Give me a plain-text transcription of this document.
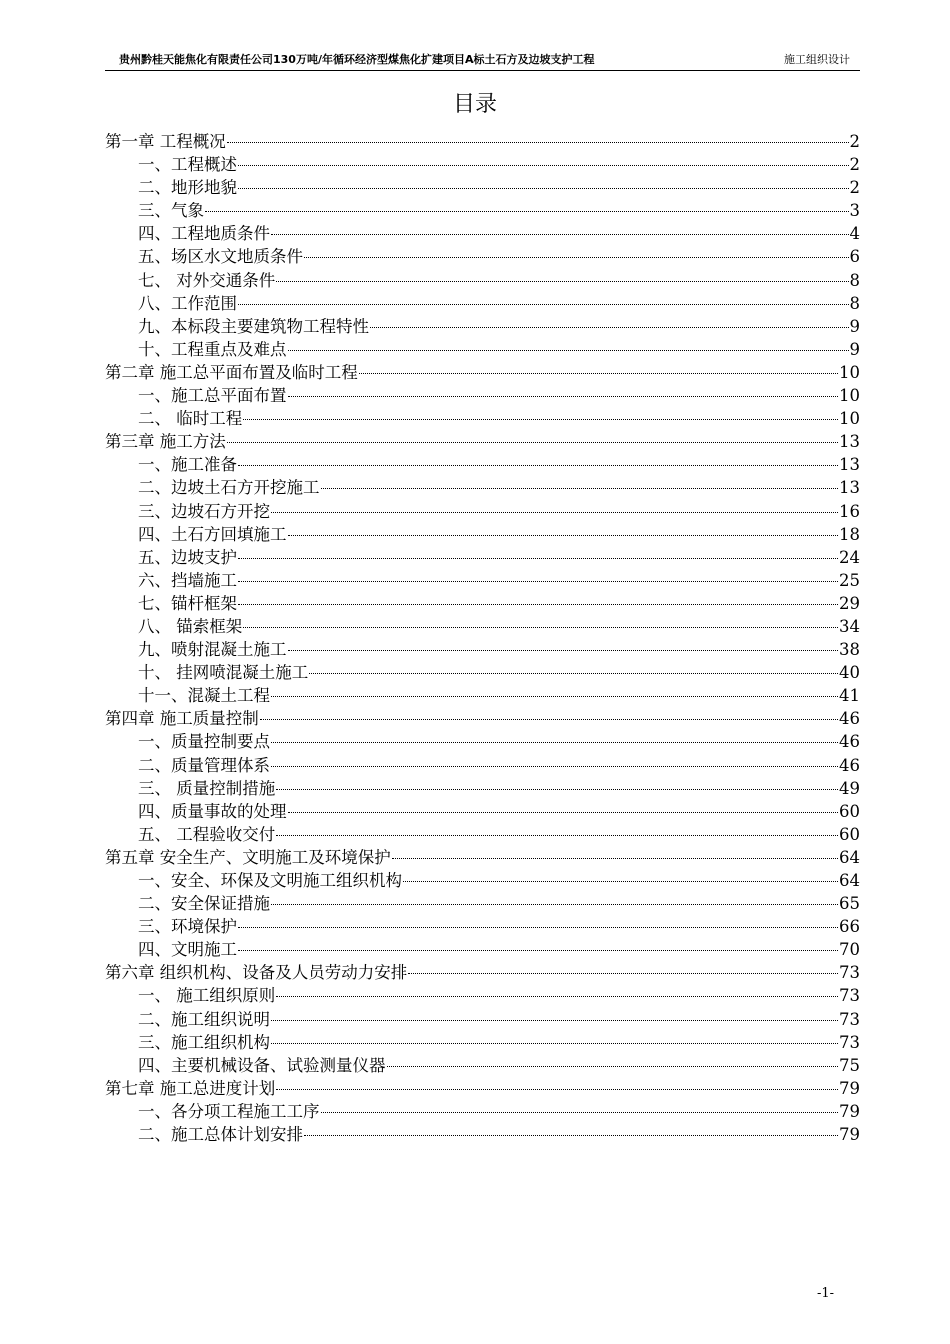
贵州黔桂天能焦化有限责任公司130万吨/年循环经济型煤焦化扩建项目A标土石方及边坡支护工程	施工组织设计
目录
第一章 工程概况	2
一、工程概述	2
二、地形地貌	2
三、气象	3
四、工程地质条件	4
五、场区水文地质条件	6
七、 对外交通条件	8
八、工作范围	8
九、本标段主要建筑物工程特性	9
十、工程重点及难点	9
第二章 施工总平面布置及临时工程	10
一、施工总平面布置	10
二、 临时工程	10
第三章 施工方法	13
一、施工准备	13
二、边坡土石方开挖施工	13
三、边坡石方开挖	16
四、土石方回填施工	18
五、边坡支护	24
六、挡墙施工	25
七、锚杆框架	29
八、 锚索框架	34
九、喷射混凝土施工	38
十、 挂网喷混凝土施工	40
十一、混凝土工程	41
第四章 施工质量控制	46
一、质量控制要点	46
二、质量管理体系	46
三、 质量控制措施	49
四、质量事故的处理	60
五、 工程验收交付	60
第五章 安全生产、文明施工及环境保护	64
一、安全、环保及文明施工组织机构	64
二、安全保证措施	65
三、环境保护	66
四、文明施工	70
第六章 组织机构、设备及人员劳动力安排	73
一、 施工组织原则	73
二、施工组织说明	73
三、施工组织机构	73
四、主要机械设备、试验测量仪器	75
第七章 施工总进度计划	79
一、各分项工程施工工序	79
二、施工总体计划安排	79
-1-
